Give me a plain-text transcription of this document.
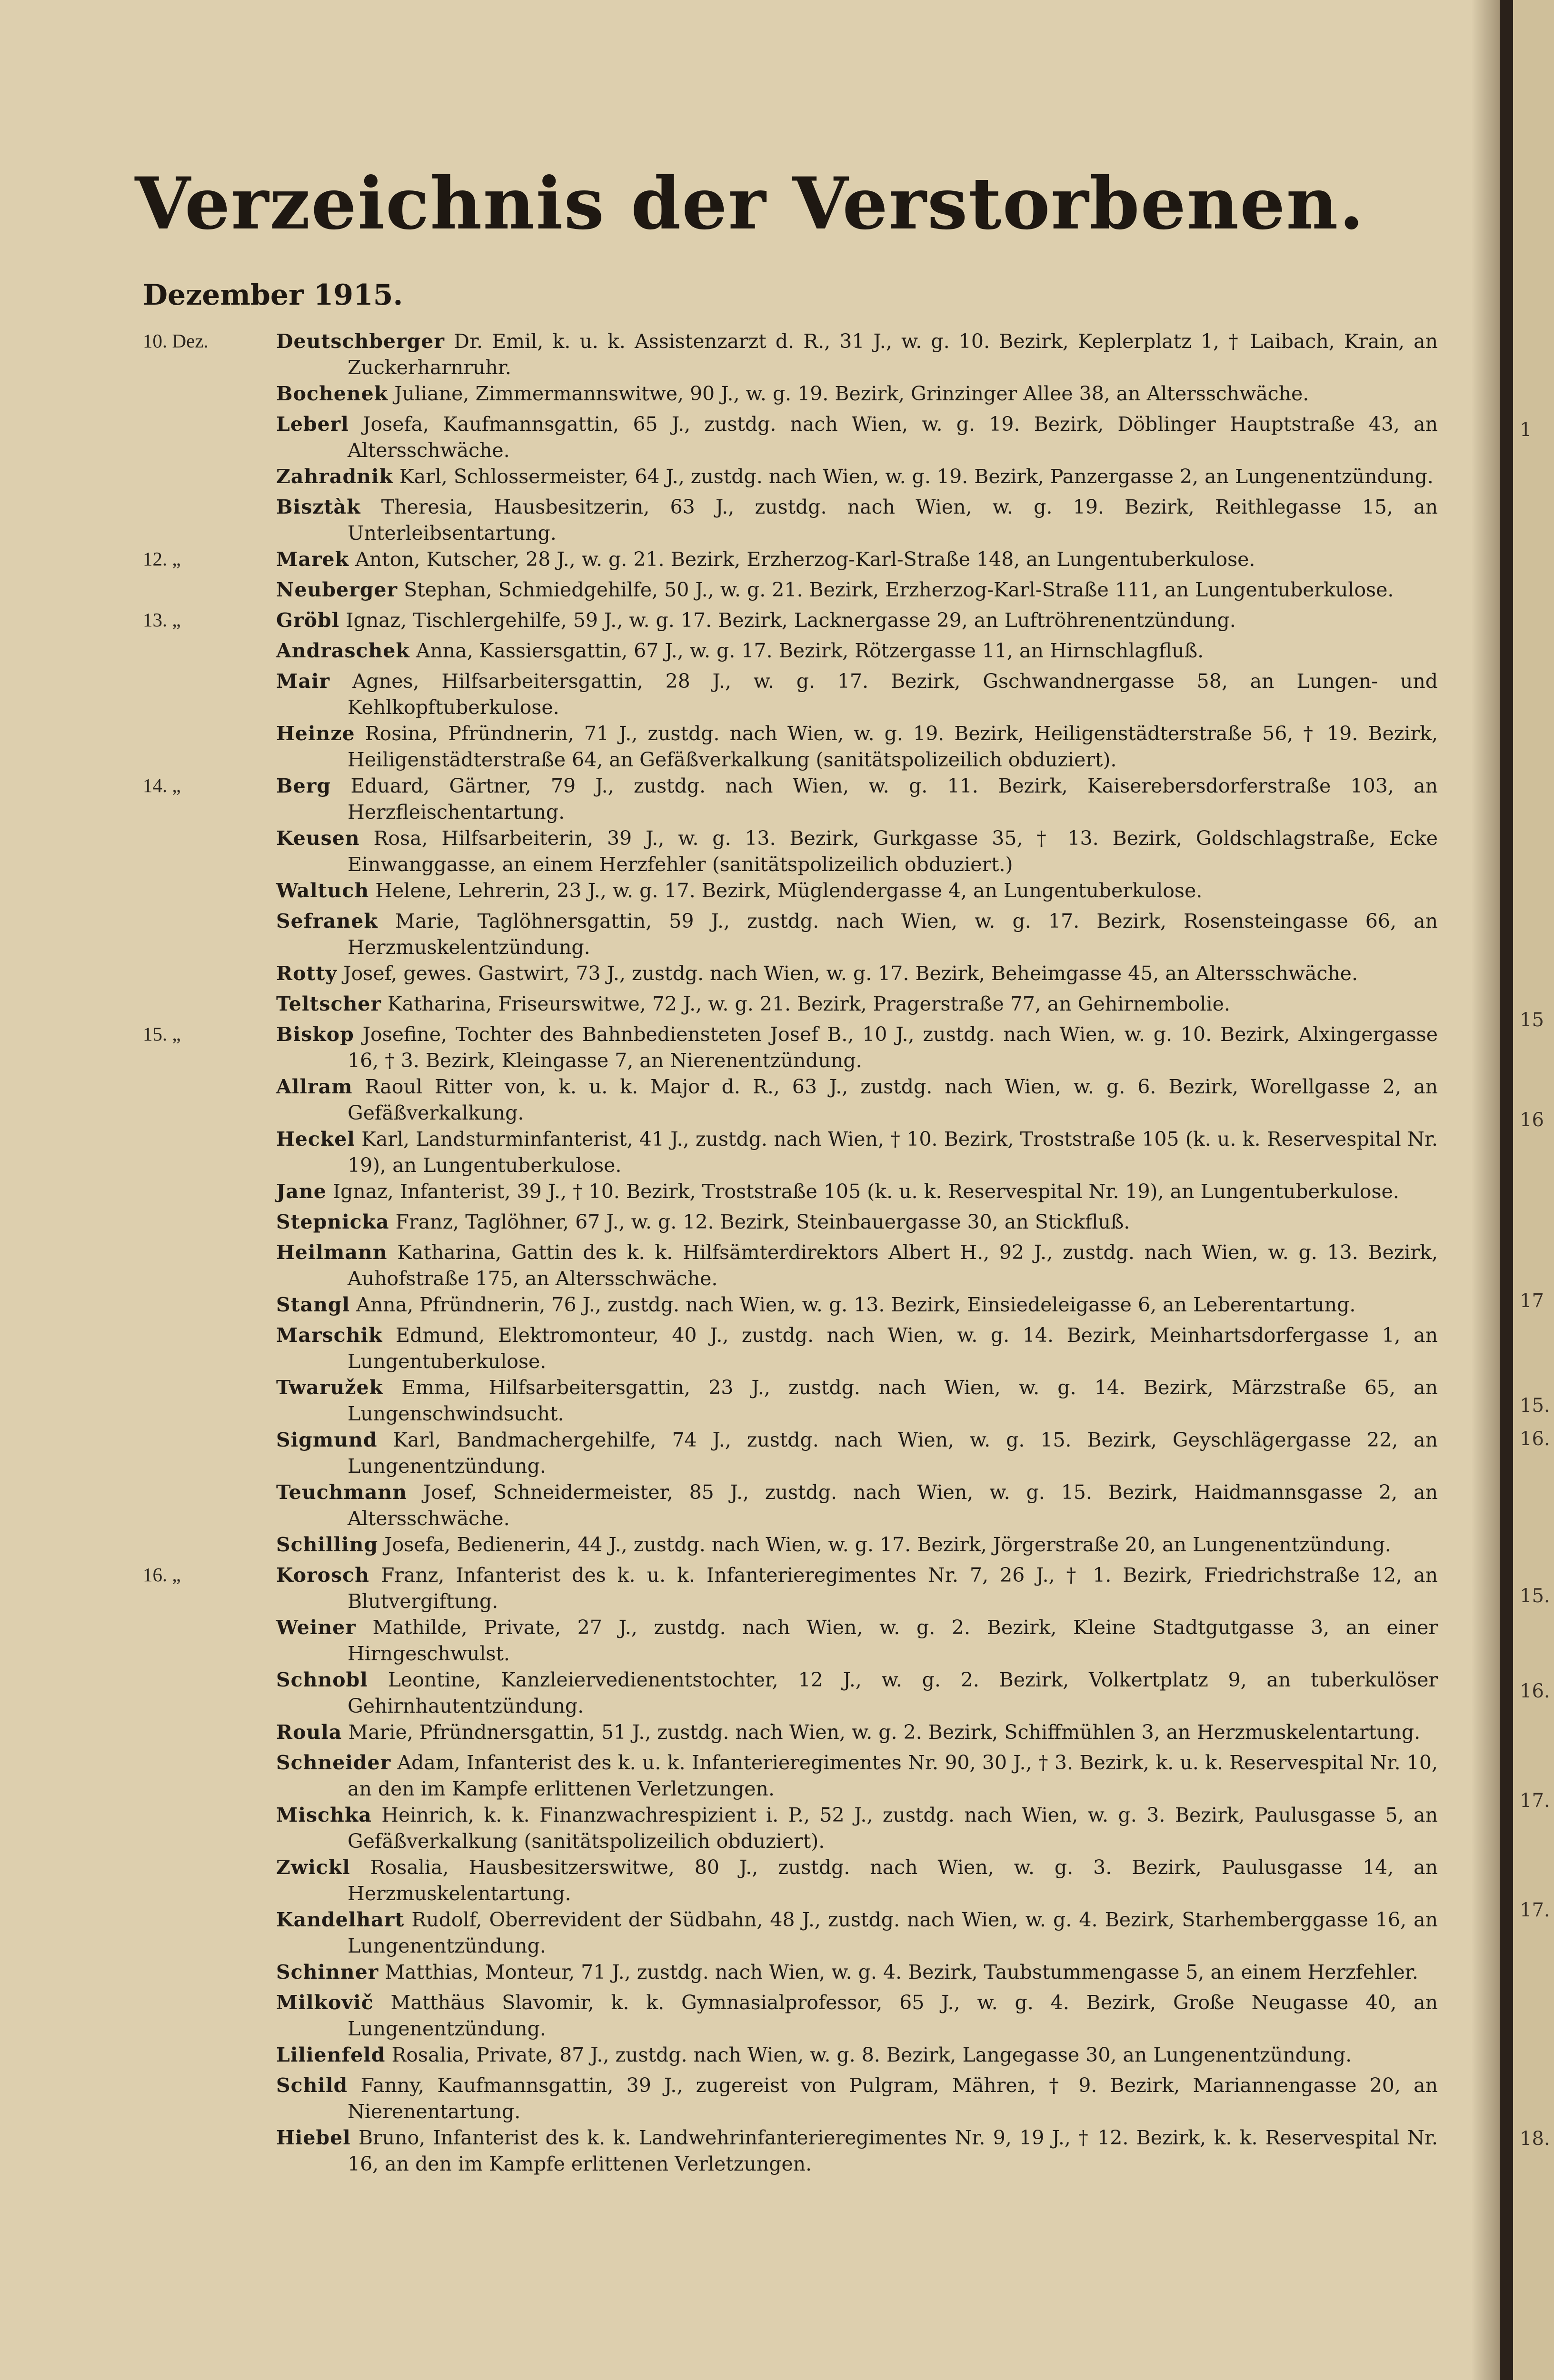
Verzeichnis der Verstorbenen.
Dezember 1915.
10. Dez.	Deutschberger Dr. Emil, k. u. k. Assistenzarzt d. R., 31 J., w. g. 10. Bezirk, Keplerplatz 1, † Laibach, Krain, an Zuckerharnruhr.
Bochenek Juliane, Zimmermannswitwe, 90 J., w. g. 19. Bezirk, Grinzinger Allee 38, an Altersschwäche.
Leberl Josefa, Kaufmannsgattin, 65 J., zustdg. nach Wien, w. g. 19. Bezirk, Döblinger Hauptstraße 43, an Altersschwäche.
Zahradnik Karl, Schlossermeister, 64 J., zustdg. nach Wien, w. g. 19. Bezirk, Panzergasse 2, an Lungenentzündung.
Bisztàk Theresia, Hausbesitzerin, 63 J., zustdg. nach Wien, w. g. 19. Bezirk, Reithlegasse 15, an Unterleibsentartung.
12. „	Marek Anton, Kutscher, 28 J., w. g. 21. Bezirk, Erzherzog-Karl-Straße 148, an Lungentuberkulose.
Neuberger Stephan, Schmiedgehilfe, 50 J., w. g. 21. Bezirk, Erzherzog-Karl-Straße 111, an Lungentuberkulose.
13. „	Gröbl Ignaz, Tischlergehilfe, 59 J., w. g. 17. Bezirk, Lacknergasse 29, an Luftröhrenentzündung.
Andraschek Anna, Kassiersgattin, 67 J., w. g. 17. Bezirk, Rötzergasse 11, an Hirnschlagfluß.
Mair Agnes, Hilfsarbeitersgattin, 28 J., w. g. 17. Bezirk, Gschwandnergasse 58, an Lungen- und Kehlkopftuberkulose.
Heinze Rosina, Pfründnerin, 71 J., zustdg. nach Wien, w. g. 19. Bezirk, Heiligenstädterstraße 56, † 19. Bezirk, Heiligenstädterstraße 64, an Gefäßverkalkung (sanitätspolizeilich obduziert).
14. „	Berg Eduard, Gärtner, 79 J., zustdg. nach Wien, w. g. 11. Bezirk, Kaiserebersdorferstraße 103, an Herzfleischentartung.
Keusen Rosa, Hilfsarbeiterin, 39 J., w. g. 13. Bezirk, Gurkgasse 35, † 13. Bezirk, Goldschlagstraße, Ecke Einwanggasse, an einem Herzfehler (sanitätspolizeilich obduziert.)
Waltuch Helene, Lehrerin, 23 J., w. g. 17. Bezirk, Müglendergasse 4, an Lungentuberkulose.
Sefranek Marie, Taglöhnersgattin, 59 J., zustdg. nach Wien, w. g. 17. Bezirk, Rosensteingasse 66, an Herzmuskelentzündung.
Rotty Josef, gewes. Gastwirt, 73 J., zustdg. nach Wien, w. g. 17. Bezirk, Beheimgasse 45, an Altersschwäche.
Teltscher Katharina, Friseurswitwe, 72 J., w. g. 21. Bezirk, Pragerstraße 77, an Gehirnembolie.
15. „	Biskop Josefine, Tochter des Bahnbediensteten Josef B., 10 J., zustdg. nach Wien, w. g. 10. Bezirk, Alxingergasse 16, † 3. Bezirk, Kleingasse 7, an Nierenentzündung.
Allram Raoul Ritter von, k. u. k. Major d. R., 63 J., zustdg. nach Wien, w. g. 6. Bezirk, Worellgasse 2, an Gefäßverkalkung.
Heckel Karl, Landsturminfanterist, 41 J., zustdg. nach Wien, † 10. Bezirk, Troststraße 105 (k. u. k. Reservespital Nr. 19), an Lungentuberkulose.
Jane Ignaz, Infanterist, 39 J., † 10. Bezirk, Troststraße 105 (k. u. k. Reservespital Nr. 19), an Lungentuberkulose.
Stepnicka Franz, Taglöhner, 67 J., w. g. 12. Bezirk, Steinbauergasse 30, an Stickfluß.
Heilmann Katharina, Gattin des k. k. Hilfsämterdirektors Albert H., 92 J., zustdg. nach Wien, w. g. 13. Bezirk, Auhofstraße 175, an Altersschwäche.
Stangl Anna, Pfründnerin, 76 J., zustdg. nach Wien, w. g. 13. Bezirk, Einsiedeleigasse 6, an Leberentartung.
Marschik Edmund, Elektromonteur, 40 J., zustdg. nach Wien, w. g. 14. Bezirk, Meinhartsdorfergasse 1, an Lungentuberkulose.
Twaružek Emma, Hilfsarbeitersgattin, 23 J., zustdg. nach Wien, w. g. 14. Bezirk, Märzstraße 65, an Lungenschwindsucht.
Sigmund Karl, Bandmachergehilfe, 74 J., zustdg. nach Wien, w. g. 15. Bezirk, Geyschlägergasse 22, an Lungenentzündung.
Teuchmann Josef, Schneidermeister, 85 J., zustdg. nach Wien, w. g. 15. Bezirk, Haidmannsgasse 2, an Altersschwäche.
Schilling Josefa, Bedienerin, 44 J., zustdg. nach Wien, w. g. 17. Bezirk, Jörgerstraße 20, an Lungenentzündung.
16. „	Korosch Franz, Infanterist des k. u. k. Infanterieregimentes Nr. 7, 26 J., † 1. Bezirk, Friedrichstraße 12, an Blutvergiftung.
Weiner Mathilde, Private, 27 J., zustdg. nach Wien, w. g. 2. Bezirk, Kleine Stadtgutgasse 3, an einer Hirngeschwulst.
Schnobl Leontine, Kanzleiervedienentstochter, 12 J., w. g. 2. Bezirk, Volkertplatz 9, an tuberkulöser Gehirnhautentzündung.
Roula Marie, Pfründnersgattin, 51 J., zustdg. nach Wien, w. g. 2. Bezirk, Schiffmühlen 3, an Herzmuskelentartung.
Schneider Adam, Infanterist des k. u. k. Infanterieregimentes Nr. 90, 30 J., † 3. Bezirk, k. u. k. Reservespital Nr. 10, an den im Kampfe erlittenen Verletzungen.
Mischka Heinrich, k. k. Finanzwachrespizient i. P., 52 J., zustdg. nach Wien, w. g. 3. Bezirk, Paulusgasse 5, an Gefäßverkalkung (sanitätspolizeilich obduziert).
Zwickl Rosalia, Hausbesitzerswitwe, 80 J., zustdg. nach Wien, w. g. 3. Bezirk, Paulusgasse 14, an Herzmuskelentartung.
Kandelhart Rudolf, Oberrevident der Südbahn, 48 J., zustdg. nach Wien, w. g. 4. Bezirk, Starhemberggasse 16, an Lungenentzündung.
Schinner Matthias, Monteur, 71 J., zustdg. nach Wien, w. g. 4. Bezirk, Taubstummengasse 5, an einem Herzfehler.
Milkovič Matthäus Slavomir, k. k. Gymnasialprofessor, 65 J., w. g. 4. Bezirk, Große Neugasse 40, an Lungenentzündung.
Lilienfeld Rosalia, Private, 87 J., zustdg. nach Wien, w. g. 8. Bezirk, Langegasse 30, an Lungenentzündung.
Schild Fanny, Kaufmannsgattin, 39 J., zugereist von Pulgram, Mähren, † 9. Bezirk, Mariannengasse 20, an Nierenentartung.
Hiebel Bruno, Infanterist des k. k. Landwehrinfanterieregimentes Nr. 9, 19 J., † 12. Bezirk, k. k. Reservespital Nr. 16, an den im Kampfe erlittenen Verletzungen.
1
15
16
17
15.
16.
15.
16.
17.
17.
18.
